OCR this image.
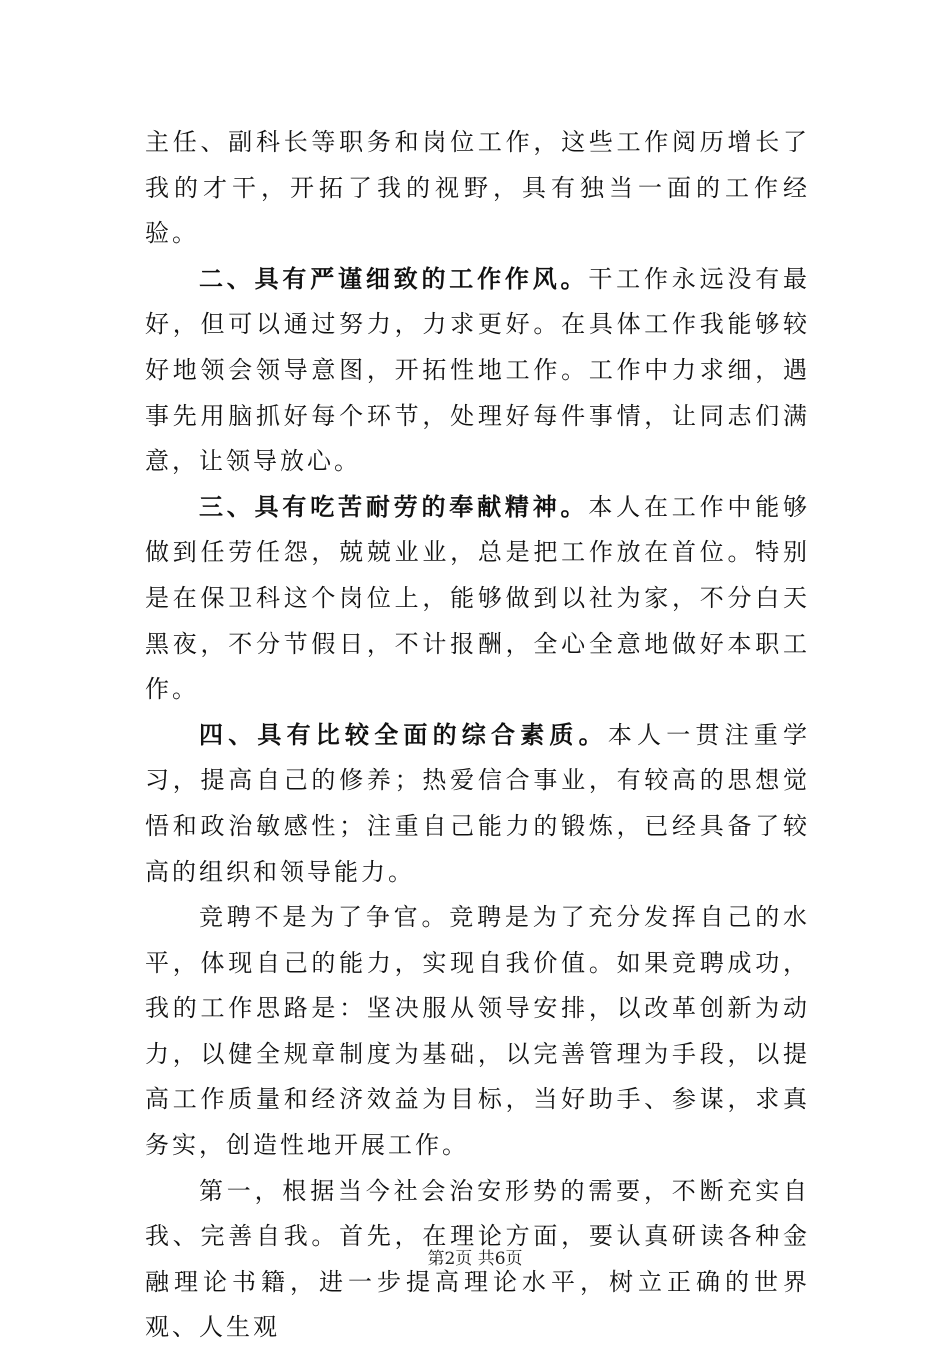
主任、副科长等职务和岗位工作，这些工作阅历增长了我的才干，开拓了我的视野，具有独当一面的工作经验。

二、具有严谨细致的工作作风。干工作永远没有最好，但可以通过努力，力求更好。在具体工作我能够较好地领会领导意图，开拓性地工作。工作中力求细，遇事先用脑抓好每个环节，处理好每件事情，让同志们满意，让领导放心。

三、具有吃苦耐劳的奉献精神。本人在工作中能够做到任劳任怨，兢兢业业，总是把工作放在首位。特别是在保卫科这个岗位上，能够做到以社为家，不分白天黑夜，不分节假日，不计报酬，全心全意地做好本职工作。

四、具有比较全面的综合素质。本人一贯注重学习，提高自己的修养；热爱信合事业，有较高的思想觉悟和政治敏感性；注重自己能力的锻炼，已经具备了较高的组织和领导能力。

竞聘不是为了争官。竞聘是为了充分发挥自己的水平，体现自己的能力，实现自我价值。如果竞聘成功，我的工作思路是：坚决服从领导安排，以改革创新为动力，以健全规章制度为基础，以完善管理为手段，以提高工作质量和经济效益为目标，当好助手、参谋，求真务实，创造性地开展工作。

第一，根据当今社会治安形势的需要，不断充实自我、完善自我。首先，在理论方面，要认真研读各种金融理论书籍，进一步提高理论水平，树立正确的世界观、人生观

第2页 共6页
